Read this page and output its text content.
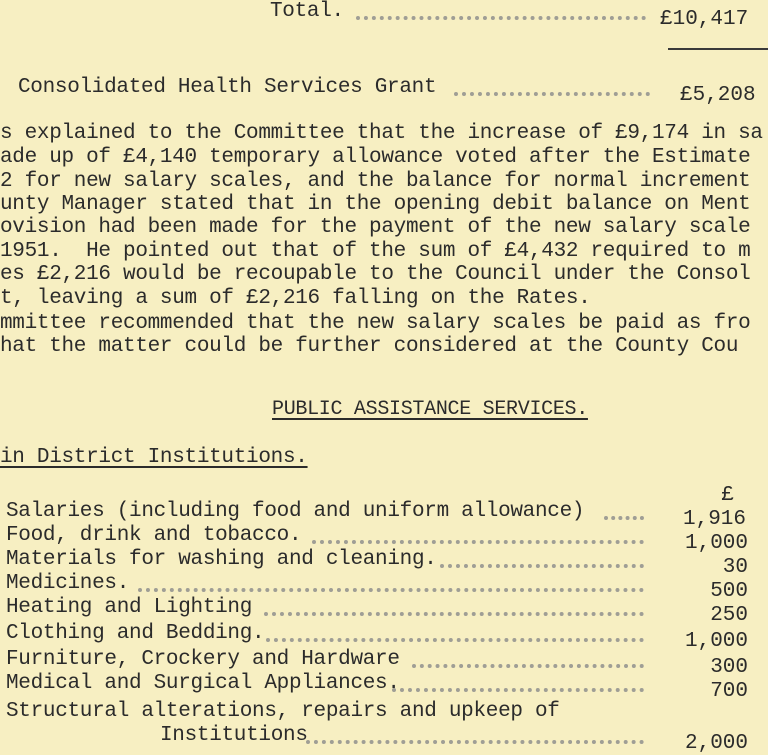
Total.	£10,417
Consolidated Health Services Grant	£5,208
s explained to the Committee that the increase of £9,174 in sa
ade up of £4,140 temporary allowance voted after the Estimate
2 for new salary scales, and the balance for normal increment
unty Manager stated that in the opening debit balance on Ment
ovision had been made for the payment of the new salary scale
1951.  He pointed out that of the sum of £4,432 required to m
es £2,216 would be recoupable to the Council under the Consol
t, leaving a sum of £2,216 falling on the Rates.
mmittee recommended that the new salary scales be paid as fro
hat the matter could be further considered at the County Cou
PUBLIC ASSISTANCE SERVICES.
in District Institutions.
£
Salaries (including food and uniform allowance)	1,916
Food, drink and tobacco.	1,000
Materials for washing and cleaning.	30
Medicines.	500
Heating and Lighting	250
Clothing and Bedding.	1,000
Furniture, Crockery and Hardware	300
Medical and Surgical Appliances.	700
Structural alterations, repairs and upkeep of
Institutions	2,000
